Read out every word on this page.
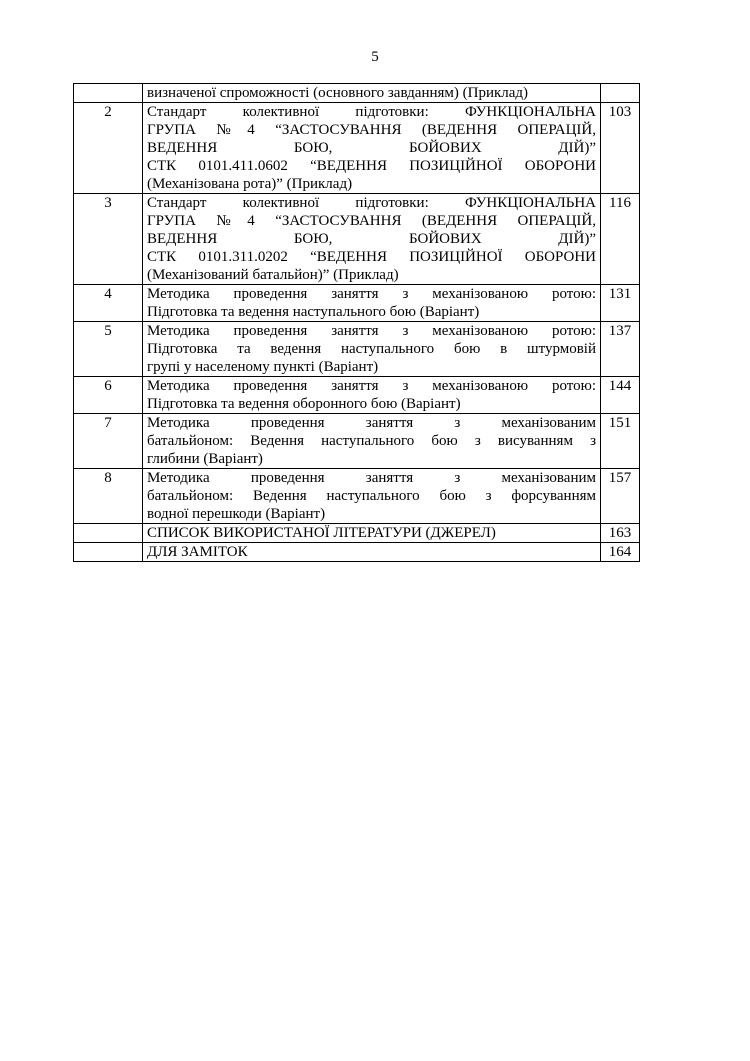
5

	визначеної спроможності (основного завданням) (Приклад)	

2	Стандарт колективної підготовки: ФУНКЦІОНАЛЬНА
ГРУПА №4 “ЗАСТОСУВАННЯ (ВЕДЕННЯ ОПЕРАЦІЙ,
ВЕДЕННЯ БОЮ, БОЙОВИХ ДІЙ)”
СТК 0101.411.0602 “ВЕДЕННЯ ПОЗИЦІЙНОЇ ОБОРОНИ
(Механізована рота)” (Приклад)	103
3	Стандарт колективної підготовки: ФУНКЦІОНАЛЬНА
ГРУПА №4 “ЗАСТОСУВАННЯ (ВЕДЕННЯ ОПЕРАЦІЙ,
ВЕДЕННЯ БОЮ, БОЙОВИХ ДІЙ)”
СТК 0101.311.0202 “ВЕДЕННЯ ПОЗИЦІЙНОЇ ОБОРОНИ
(Механізований батальйон)” (Приклад)	116
4	Методика проведення заняття з механізованою ротою:
Підготовка та ведення наступального бою (Варіант)	131
5	Методика проведення заняття з механізованою ротою:
Підготовка та ведення наступального бою в штурмовій
групі у населеному пункті (Варіант)	137
6	Методика проведення заняття з механізованою ротою:
Підготовка та ведення оборонного бою (Варіант)	144
7	Методика проведення заняття з механізованим
батальйоном: Ведення наступального бою з висуванням з
глибини (Варіант)	151
8	Методика проведення заняття з механізованим
батальйоном: Ведення наступального бою з форсуванням
водної перешкоди (Варіант)	157

	СПИСОК ВИКОРИСТАНОЇ ЛІТЕРАТУРИ (ДЖЕРЕЛ)	163

	ДЛЯ ЗАМІТОК	164
